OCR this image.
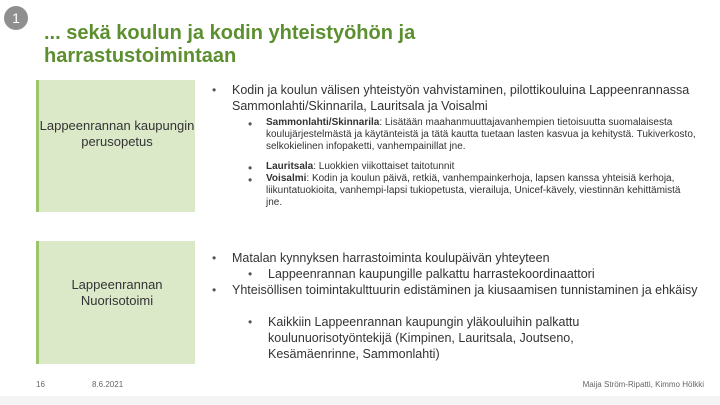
1
... sekä koulun ja kodin yhteistyöhön ja harrastustoimintaan
Lappeenrannan kaupungin perusopetus
Lappeenrannan Nuorisotoimi
• Kodin ja koulun välisen yhteistyön vahvistaminen, pilottikouluina Lappeenrannassa Sammonlahti/Skinnarila, Lauritsala ja Voisalmi
• Sammonlahti/Skinnarila: Lisätään maahanmuuttajavanhempien tietoisuutta suomalaisesta koulujärjestelmästä ja käytänteistä ja tätä kautta tuetaan lasten kasvua ja kehitystä. Tukiverkosto, selkokielinen infopaketti, vanhempainillat jne.
• Lauritsala: Luokkien viikottaiset taitotunnit
• Voisalmi: Kodin ja koulun päivä, retkiä, vanhempainkerhoja, lapsen kanssa yhteisiä kerhoja, liikuntatuokioita, vanhempi-lapsi tukiopetusta, vierailuja, Unicef-kävely, viestinnän kehittämistä jne.
• Matalan kynnyksen harrastoiminta koulupäivän yhteyteen
• Lappeenrannan kaupungille palkattu harrastekoordinaattori
• Yhteisöllisen toimintakulttuurin edistäminen ja kiusaamisen tunnistaminen ja ehkäisy
• Kaikkiin Lappeenrannan kaupungin yläkouluihin palkattu koulunuorisotyöntekijä (Kimpinen, Lauritsala, Joutseno, Kesämäenrinne, Sammonlahti)
16	8.6.2021	Maija Ström-Ripatti, Kimmo Hölkki
